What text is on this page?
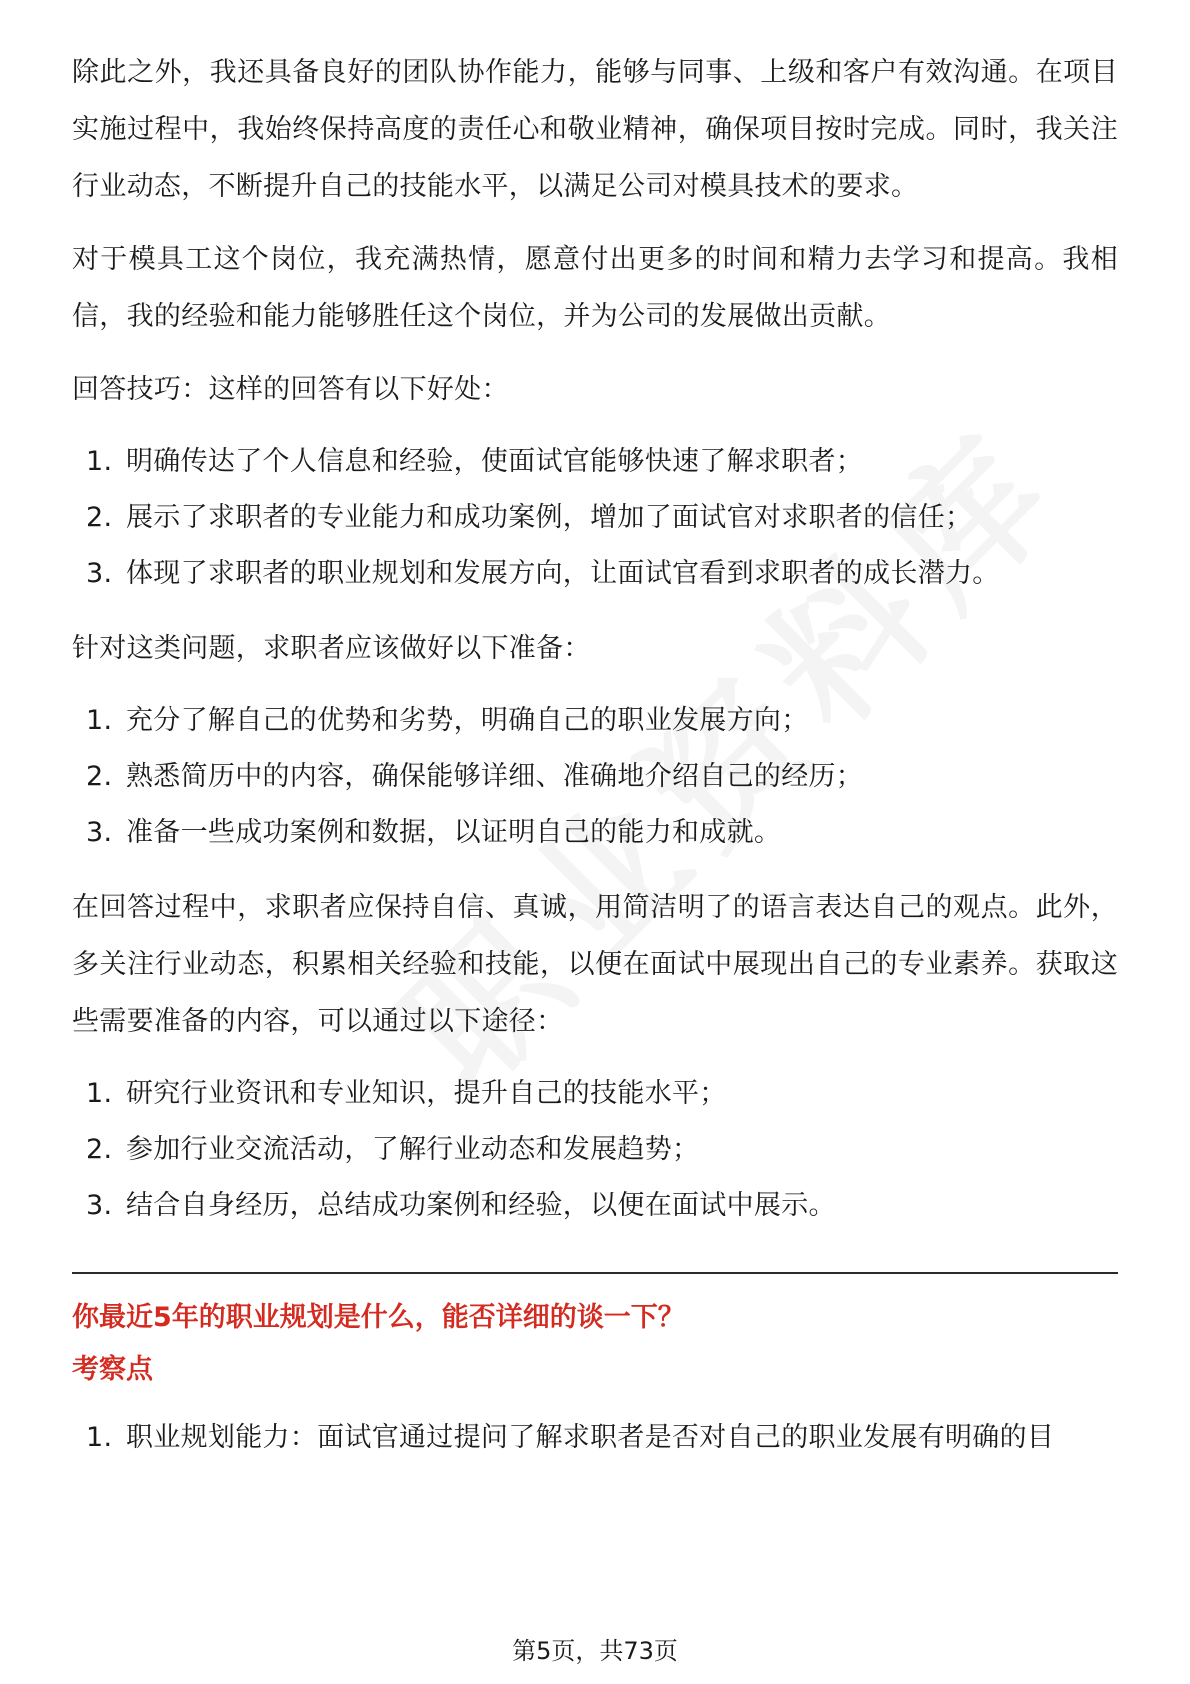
除此之外，我还具备良好的团队协作能力，能够与同事、上级和客户有效沟通。在项目实施过程中，我始终保持高度的责任心和敬业精神，确保项目按时完成。同时，我关注行业动态，不断提升自己的技能水平，以满足公司对模具技术的要求。

对于模具工这个岗位，我充满热情，愿意付出更多的时间和精力去学习和提高。我相信，我的经验和能力能够胜任这个岗位，并为公司的发展做出贡献。

回答技巧：这样的回答有以下好处：

1. 明确传达了个人信息和经验，使面试官能够快速了解求职者；
2. 展示了求职者的专业能力和成功案例，增加了面试官对求职者的信任；
3. 体现了求职者的职业规划和发展方向，让面试官看到求职者的成长潜力。

针对这类问题，求职者应该做好以下准备：

1. 充分了解自己的优势和劣势，明确自己的职业发展方向；
2. 熟悉简历中的内容，确保能够详细、准确地介绍自己的经历；
3. 准备一些成功案例和数据，以证明自己的能力和成就。

在回答过程中，求职者应保持自信、真诚，用简洁明了的语言表达自己的观点。此外，多关注行业动态，积累相关经验和技能，以便在面试中展现出自己的专业素养。获取这些需要准备的内容，可以通过以下途径：

1. 研究行业资讯和专业知识，提升自己的技能水平；
2. 参加行业交流活动，了解行业动态和发展趋势；
3. 结合自身经历，总结成功案例和经验，以便在面试中展示。

你最近5年的职业规划是什么，能否详细的谈一下？

考察点

1. 职业规划能力：面试官通过提问了解求职者是否对自己的职业发展有明确的目
第5页，共73页
